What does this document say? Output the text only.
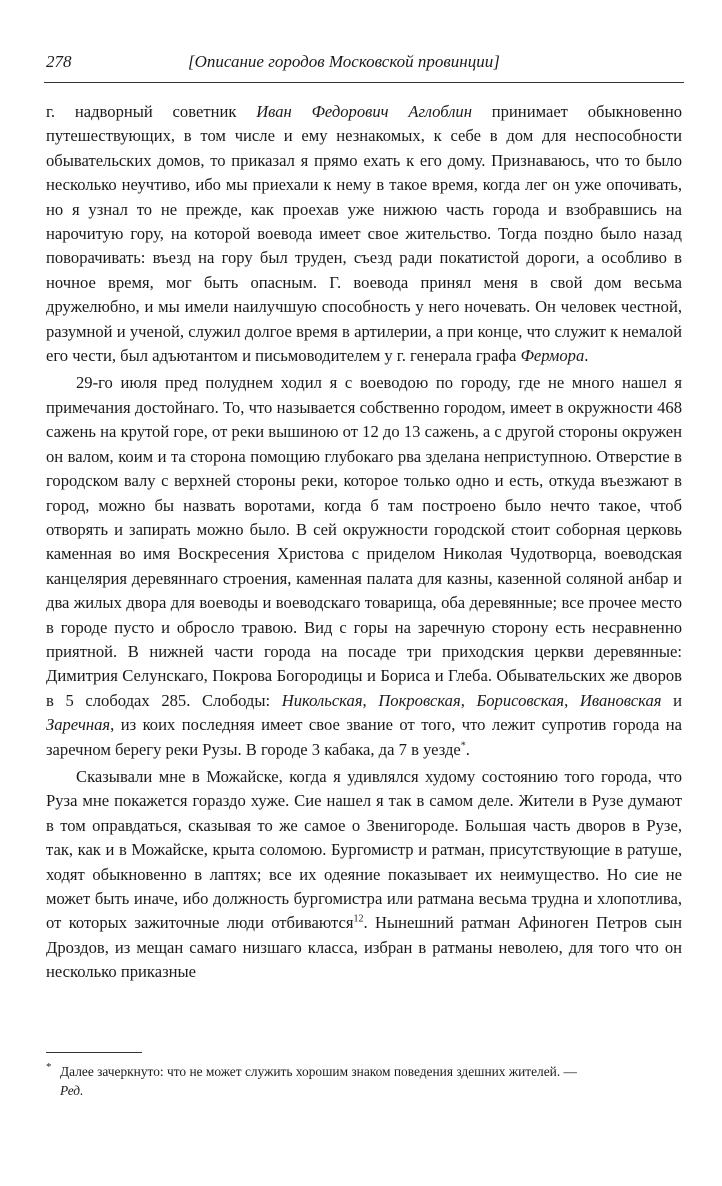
278	[Описание городов Московской провинции]

г. надворный советник Иван Федорович Аглоблин принимает обыкновенно путешествующих, в том числе и ему незнакомых, к себе в дом для неспособности обывательских домов, то приказал я прямо ехать к его дому. Признаваюсь, что то было несколько неучтиво, ибо мы приехали к нему в такое время, когда лег он уже опочивать, но я узнал то не прежде, как проехав уже нижюю часть города и взобравшись на нарочитую гору, на которой воевода имеет свое жительство. Тогда поздно было назад поворачивать: въезд на гору был труден, съезд ради покатистой дороги, а особливо в ночное время, мог быть опасным. Г. воевода принял меня в свой дом весьма дружелюбно, и мы имели наилучшую способность у него ночевать. Он человек честной, разумной и ученой, служил долгое время в артилерии, а при конце, что служит к немалой его чести, был адъютантом и письмоводителем у г. генерала графа Фермора.

29-го июля пред полуднем ходил я с воеводою по городу, где не много нашел я примечания достойнаго. То, что называется собственно городом, имеет в окружности 468 сажень на крутой горе, от реки вышиною от 12 до 13 сажень, а с другой стороны окружен он валом, коим и та сторона помощию глубокаго рва зделана неприступною. Отверстие в городском валу с верхней стороны реки, которое только одно и есть, откуда въезжают в город, можно бы назвать воротами, когда б там построено было нечто такое, чтоб отворять и запирать можно было. В сей окружности городской стоит соборная церковь каменная во имя Воскресения Христова с приделом Николая Чудотворца, воеводская канцелярия деревяннаго строения, каменная палата для казны, казенной соляной анбар и два жилых двора для воеводы и воеводскаго товарища, оба деревянные; все прочее место в городе пусто и обросло травою. Вид с горы на заречную сторону есть несравненно приятной. В нижней части города на посаде три приходския церкви деревянные: Димитрия Селунскаго, Покрова Богородицы и Бориса и Глеба. Обывательских же дворов в 5 слободах 285. Слободы: Никольская, Покровская, Борисовская, Ивановская и Заречная, из коих последняя имеет свое звание от того, что лежит супротив города на заречном берегу реки Рузы. В городе 3 кабака, да 7 в уезде*.

Сказывали мне в Можайске, когда я удивлялся худому состоянию того города, что Руза мне покажется гораздо хуже. Сие нашел я так в самом деле. Жители в Рузе думают в том оправдаться, сказывая то же самое о Звенигороде. Большая часть дворов в Рузе, так, как и в Можайске, крыта соломою. Бургомистр и ратман, присутствующие в ратуше, ходят обыкновенно в лаптях; все их одеяние показывает их неимущество. Но сие не может быть иначе, ибо должность бургомистра или ратмана весьма трудна и хлопотлива, от которых зажиточные люди отбиваются$^{12}$. Нынешний ратман Афиноген Петров сын Дроздов, из мещан самаго низшаго класса, избран в ратманы неволею, для того что он несколько приказные

* Далее зачеркнуто: что не может служить хорошим знаком поведения здешних жителей. —
Ред.
